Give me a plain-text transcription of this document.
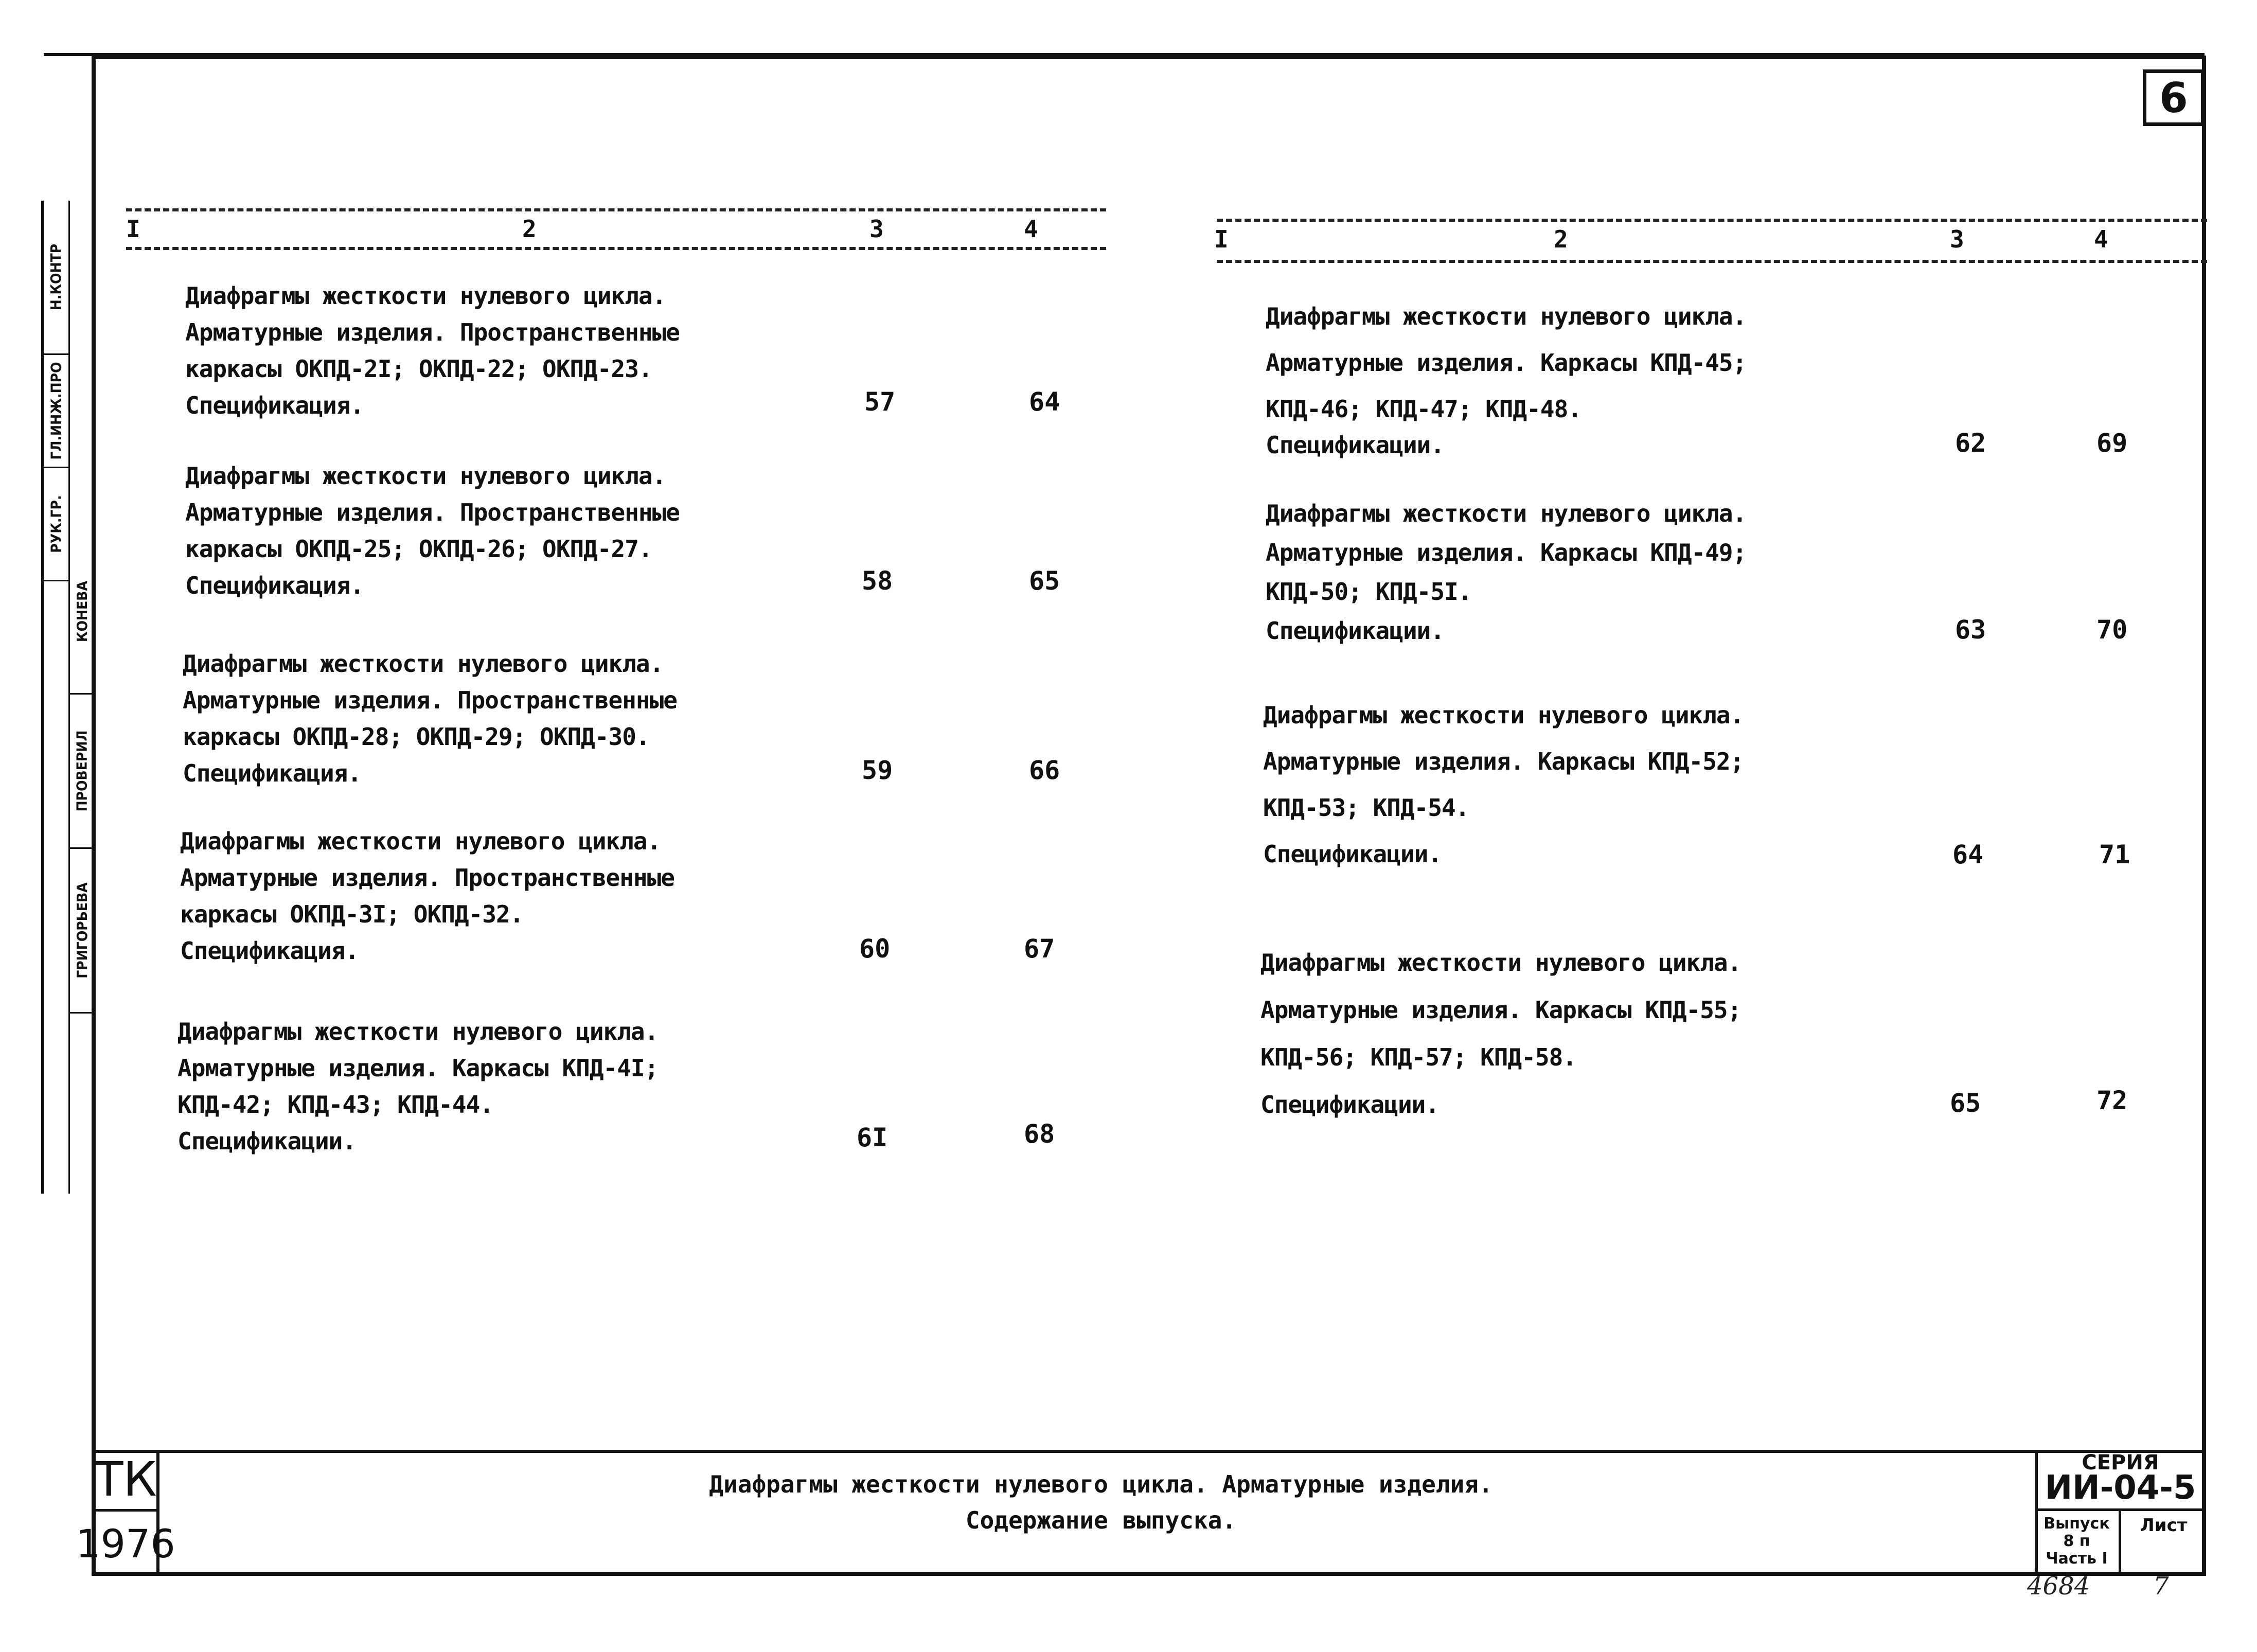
6
Н.КОНТР
ГЛ.ИНЖ.ПРО
РУК.ГР.
КОНЕВА
ПРОВЕРИЛ
ГРИГОРЬЕВА
I	2	3	4	I	2	3	4
Диафрагмы жесткости нулевого цикла.
Арматурные изделия. Пространственные
каркасы ОКПД-2I; ОКПД-22; ОКПД-23.
Спецификация.	57	64
Диафрагмы жесткости нулевого цикла.
Арматурные изделия. Пространственные
каркасы ОКПД-25; ОКПД-26; ОКПД-27.
Спецификация.	58	65
Диафрагмы жесткости нулевого цикла.
Арматурные изделия. Пространственные
каркасы ОКПД-28; ОКПД-29; ОКПД-30.
Спецификация.	59	66
Диафрагмы жесткости нулевого цикла.
Арматурные изделия. Пространственные
каркасы ОКПД-3I; ОКПД-32.
Спецификация.	60	67
Диафрагмы жесткости нулевого цикла.
Арматурные изделия. Каркасы КПД-4I;
КПД-42; КПД-43; КПД-44.
Спецификации.	6I	68
Диафрагмы жесткости нулевого цикла.
Арматурные изделия. Каркасы КПД-45;
КПД-46; КПД-47; КПД-48.
Спецификации.	62	69
Диафрагмы жесткости нулевого цикла.
Арматурные изделия. Каркасы КПД-49;
КПД-50; КПД-5I.
Спецификации.	63	70
Диафрагмы жесткости нулевого цикла.
Арматурные изделия. Каркасы КПД-52;
КПД-53; КПД-54.
Спецификации.	64	71
Диафрагмы жесткости нулевого цикла.
Арматурные изделия. Каркасы КПД-55;
КПД-56; КПД-57; КПД-58.
Спецификации.	65	72
ТК
1976
Диафрагмы жесткости нулевого цикла. Арматурные изделия.
Содержание выпуска.
СЕРИЯ
ИИ-04-5
Выпуск
8 п
Часть I
Лист
4684	7
